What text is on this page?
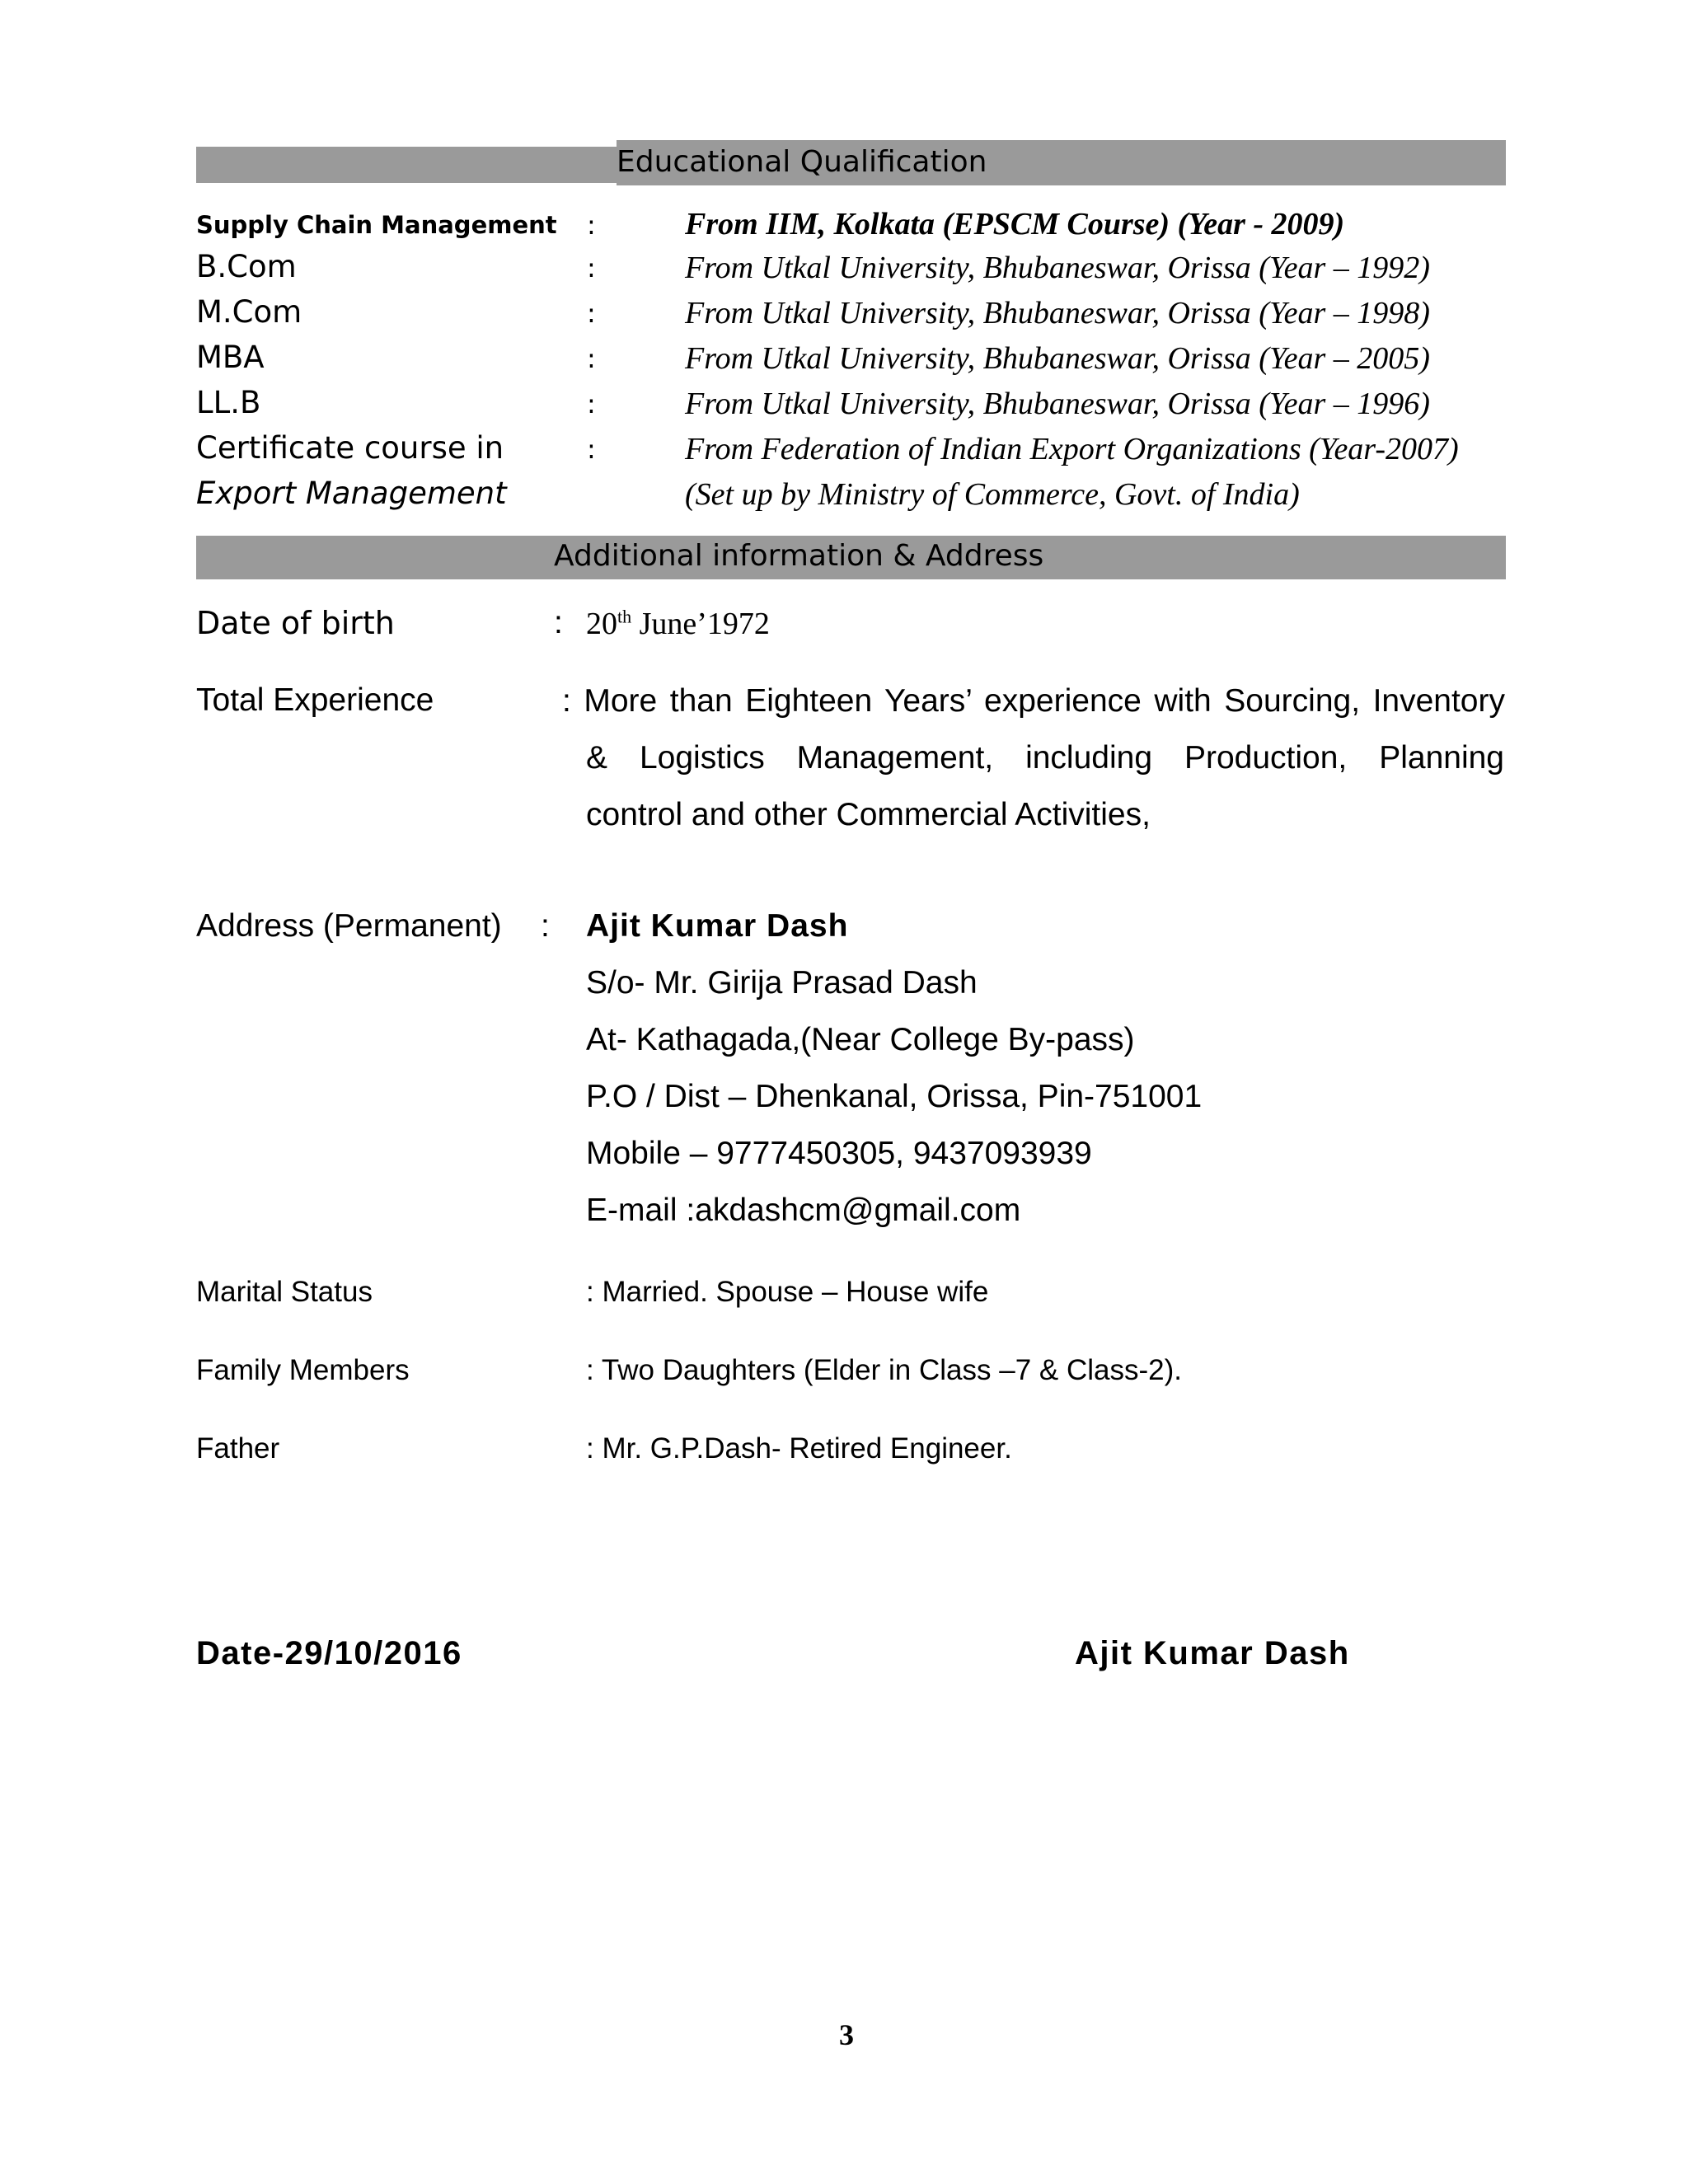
Educational Qualification
Supply Chain Management :	From IIM, Kolkata (EPSCM Course) (Year - 2009)
B.Com	:	From Utkal University, Bhubaneswar, Orissa (Year – 1992)
M.Com	:	From Utkal University, Bhubaneswar, Orissa (Year – 1998)
MBA	:	From Utkal University, Bhubaneswar, Orissa (Year – 2005)
LL.B	:	From Utkal University, Bhubaneswar, Orissa (Year – 1996)
Certificate course in	:	From Federation of Indian Export Organizations (Year-2007)
Export Management	(Set up by Ministry of Commerce, Govt. of India)
Additional information & Address
Date of birth	: 20th June’1972
Total Experience	: More than Eighteen Years’ experience with Sourcing, Inventory
& Logistics Management, including Production, Planning
control and other Commercial Activities,
Address (Permanent) : Ajit Kumar Dash
S/o- Mr. Girija Prasad Dash
At- Kathagada,(Near College By-pass)
P.O / Dist – Dhenkanal, Orissa, Pin-751001
Mobile – 9777450305, 9437093939
E-mail :akdashcm@gmail.com
Marital Status	: Married. Spouse – House wife
Family Members	: Two Daughters (Elder in Class –7 & Class-2).
Father	: Mr. G.P.Dash- Retired Engineer.
Date-29/10/2016	Ajit Kumar Dash
3
